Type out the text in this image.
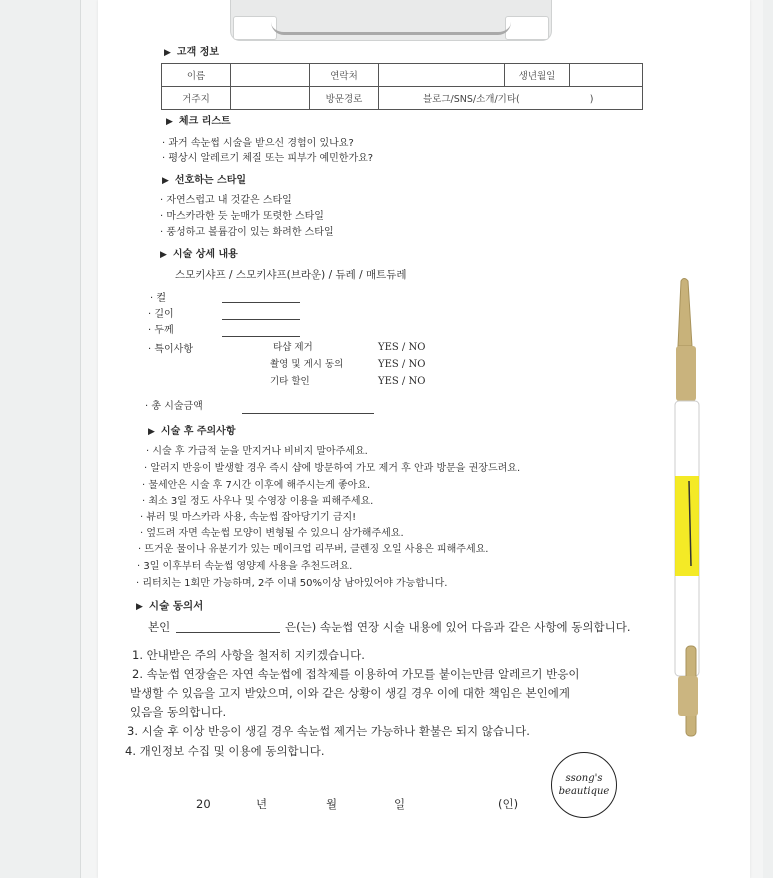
▶ 고객 정보
이름		연락처		생년월일	
거주지		방문경로	블로그/SNS/소개/기타( )		
▶ 체크 리스트
· 과거 속눈썹 시술을 받으신 경험이 있나요?
· 평상시 알레르기 체질 또는 피부가 예민한가요?
▶ 선호하는 스타일
· 자연스럽고 내 것같은 스타일
· 마스카라한 듯 눈매가 또렷한 스타일
· 풍성하고 볼륨감이 있는 화려한 스타일
▶ 시술 상세 내용
스모키샤프 / 스모키샤프(브라운) / 듀레 / 매트듀레
· 컬
· 길이
· 두께
· 특이사항	타샵 제거	YES / NO
촬영 및 게시 동의	YES / NO
기타 할인	YES / NO
· 총 시술금액
▶ 시술 후 주의사항
· 시술 후 가급적 눈을 만지거나 비비지 말아주세요.
· 알러지 반응이 발생할 경우 즉시 샵에 방문하여 가모 제거 후 안과 방문을 권장드려요.
· 물세안은 시술 후 7시간 이후에 해주시는게 좋아요.
· 최소 3일 정도 사우나 및 수영장 이용을 피해주세요.
· 뷰러 및 마스카라 사용, 속눈썹 잡아당기기 금지!
· 엎드려 자면 속눈썹 모양이 변형될 수 있으니 삼가해주세요.
· 뜨거운 물이나 유분기가 있는 메이크업 리무버, 클렌징 오일 사용은 피해주세요.
· 3일 이후부터 속눈썹 영양제 사용을 추천드려요.
· 리터치는 1회만 가능하며, 2주 이내 50%이상 남아있어야 가능합니다.
▶ 시술 동의서
본인	은(는) 속눈썹 연장 시술 내용에 있어 다음과 같은 사항에 동의합니다.
1. 안내받은 주의 사항을 철저히 지키겠습니다.
2. 속눈썹 연장술은 자연 속눈썹에 접착제를 이용하여 가모를 붙이는만큼 알레르기 반응이
발생할 수 있음을 고지 받았으며, 이와 같은 상황이 생길 경우 이에 대한 책임은 본인에게
있음을 동의합니다.
3. 시술 후 이상 반응이 생길 경우 속눈썹 제거는 가능하나 환불은 되지 않습니다.
4. 개인정보 수집 및 이용에 동의합니다.
20	년	월	일	(인)
ssong's
beautique
